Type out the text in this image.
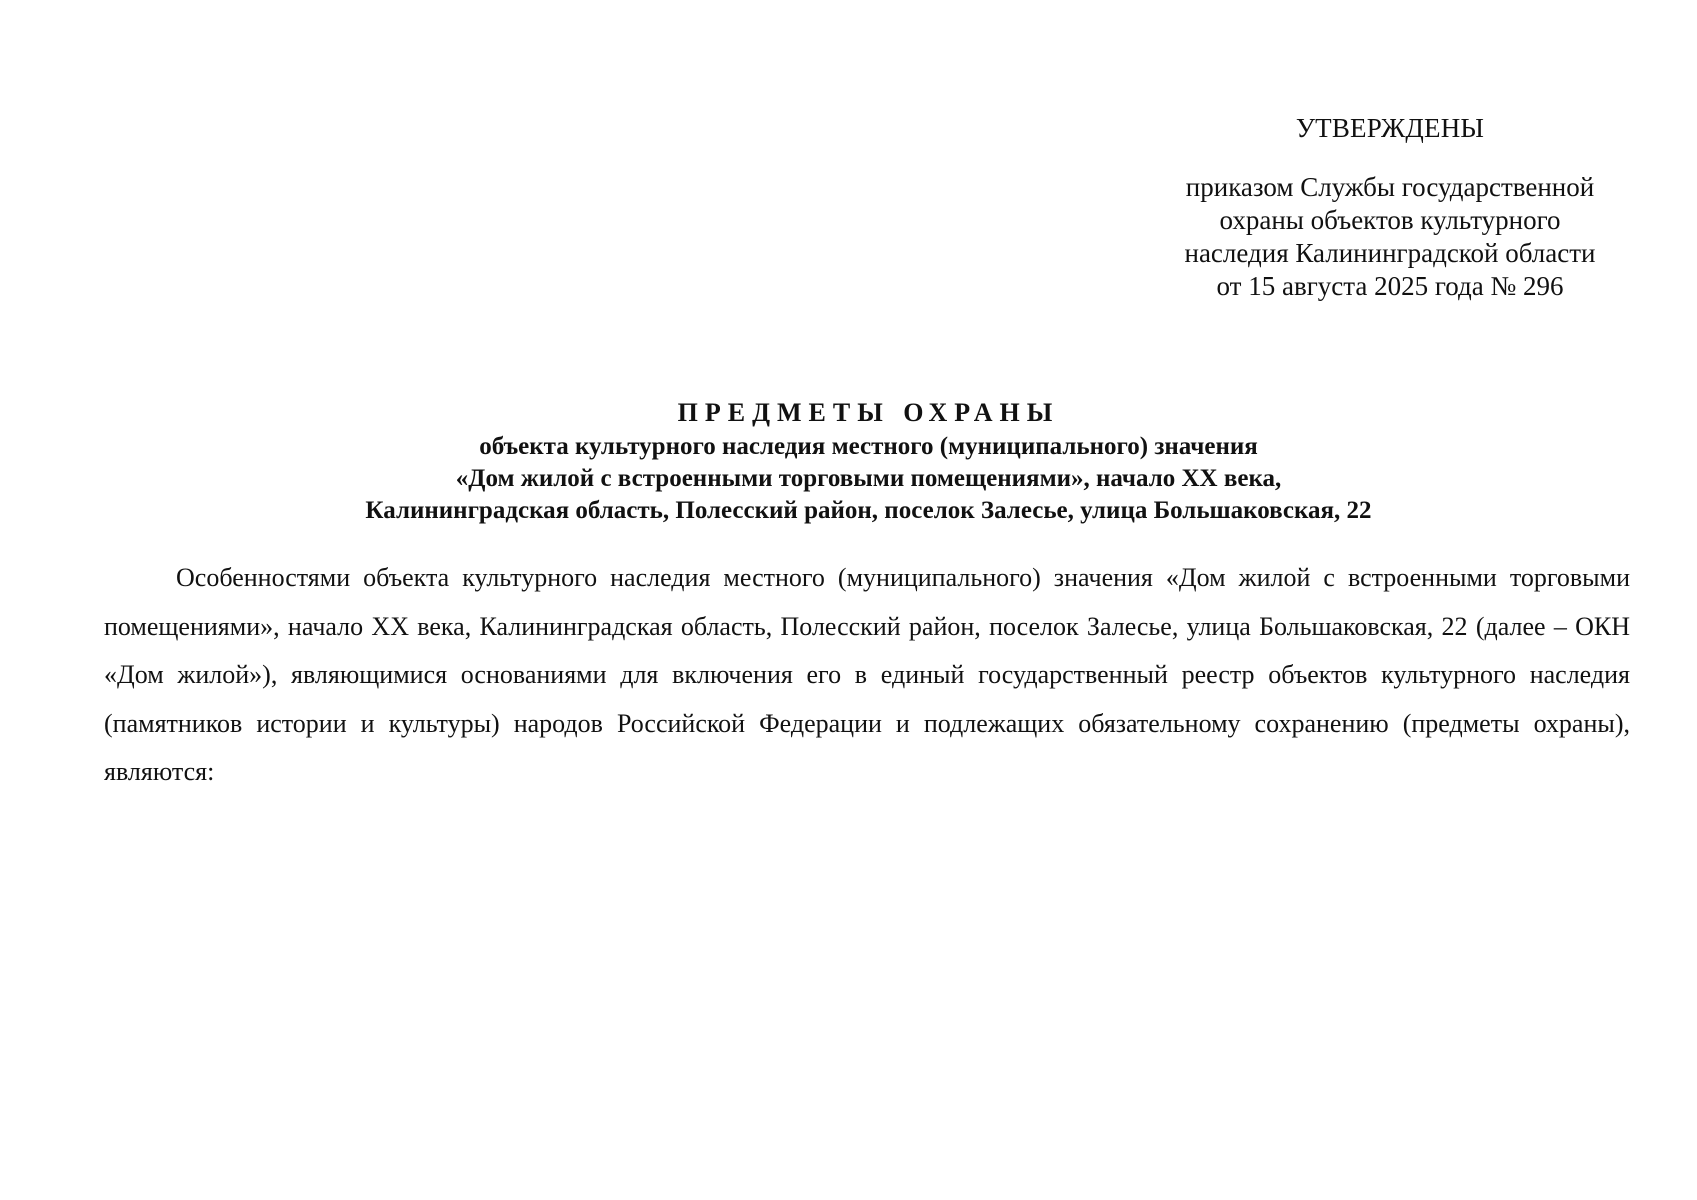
УТВЕРЖДЕНЫ
приказом Службы государственной
охраны объектов культурного
наследия Калининградской области
от 15 августа 2025 года № 296
ПРЕДМЕТЫ ОХРАНЫ
объекта культурного наследия местного (муниципального) значения
«Дом жилой с встроенными торговыми помещениями», начало XX века,
Калининградская область, Полесский район, поселок Залесье, улица Большаковская, 22

Особенностями объекта культурного наследия местного (муниципального) значения «Дом жилой с встроенными торговыми помещениями», начало XX века, Калининградская область, Полесский район, поселок Залесье, улица Большаковская, 22 (далее – ОКН «Дом жилой»), являющимися основаниями для включения его в единый государственный реестр объектов культурного наследия (памятников истории и культуры) народов Российской Федерации и подлежащих обязательному сохранению (предметы охраны), являются:
